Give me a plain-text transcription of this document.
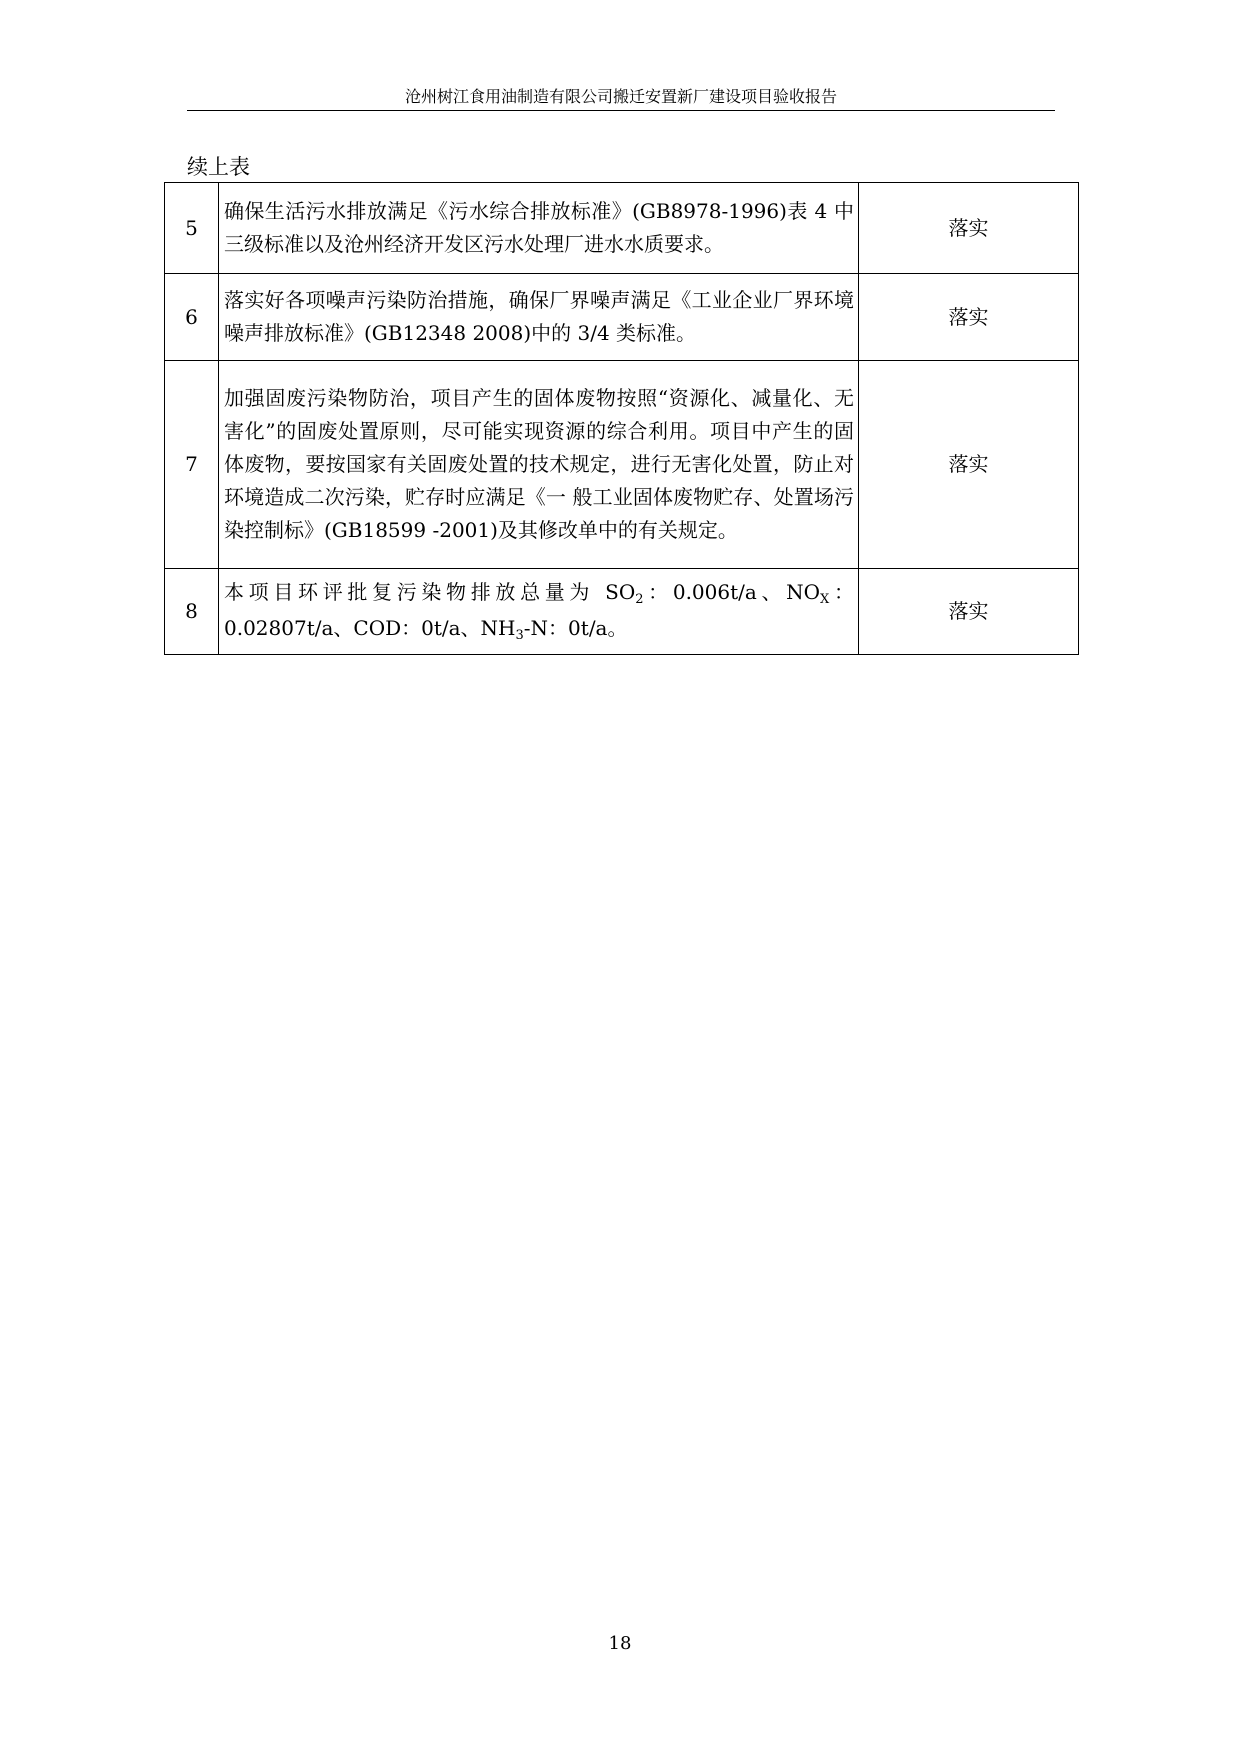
沧州树江食用油制造有限公司搬迁安置新厂建设项目验收报告
续上表
5	确保生活污水排放满足《污水综合排放标准》(GB8978-1996)表 4 中三级标准以及沧州经济开发区污水处理厂进水水质要求。	落实
6	落实好各项噪声污染防治措施，确保厂界噪声满足《工业企业厂界环境噪声排放标准》(GB12348 2008)中的 3/4 类标准。	落实
7	加强固废污染物防治，项目产生的固体废物按照“资源化、减量化、无害化”的固废处置原则，尽可能实现资源的综合利用。项目中产生的固体废物，要按国家有关固废处置的技术规定，进行无害化处置，防止对环境造成二次污染，贮存时应满足《一 般工业固体废物贮存、处置场污染控制标》(GB18599 -2001)及其修改单中的有关规定。	落实
8	本项目环评批复污染物排放总量为 $SO_2$：0.006t/a、$NO_X$：0.02807t/a、COD：0t/a、$NH_3-N$：0t/a。	落实
18
